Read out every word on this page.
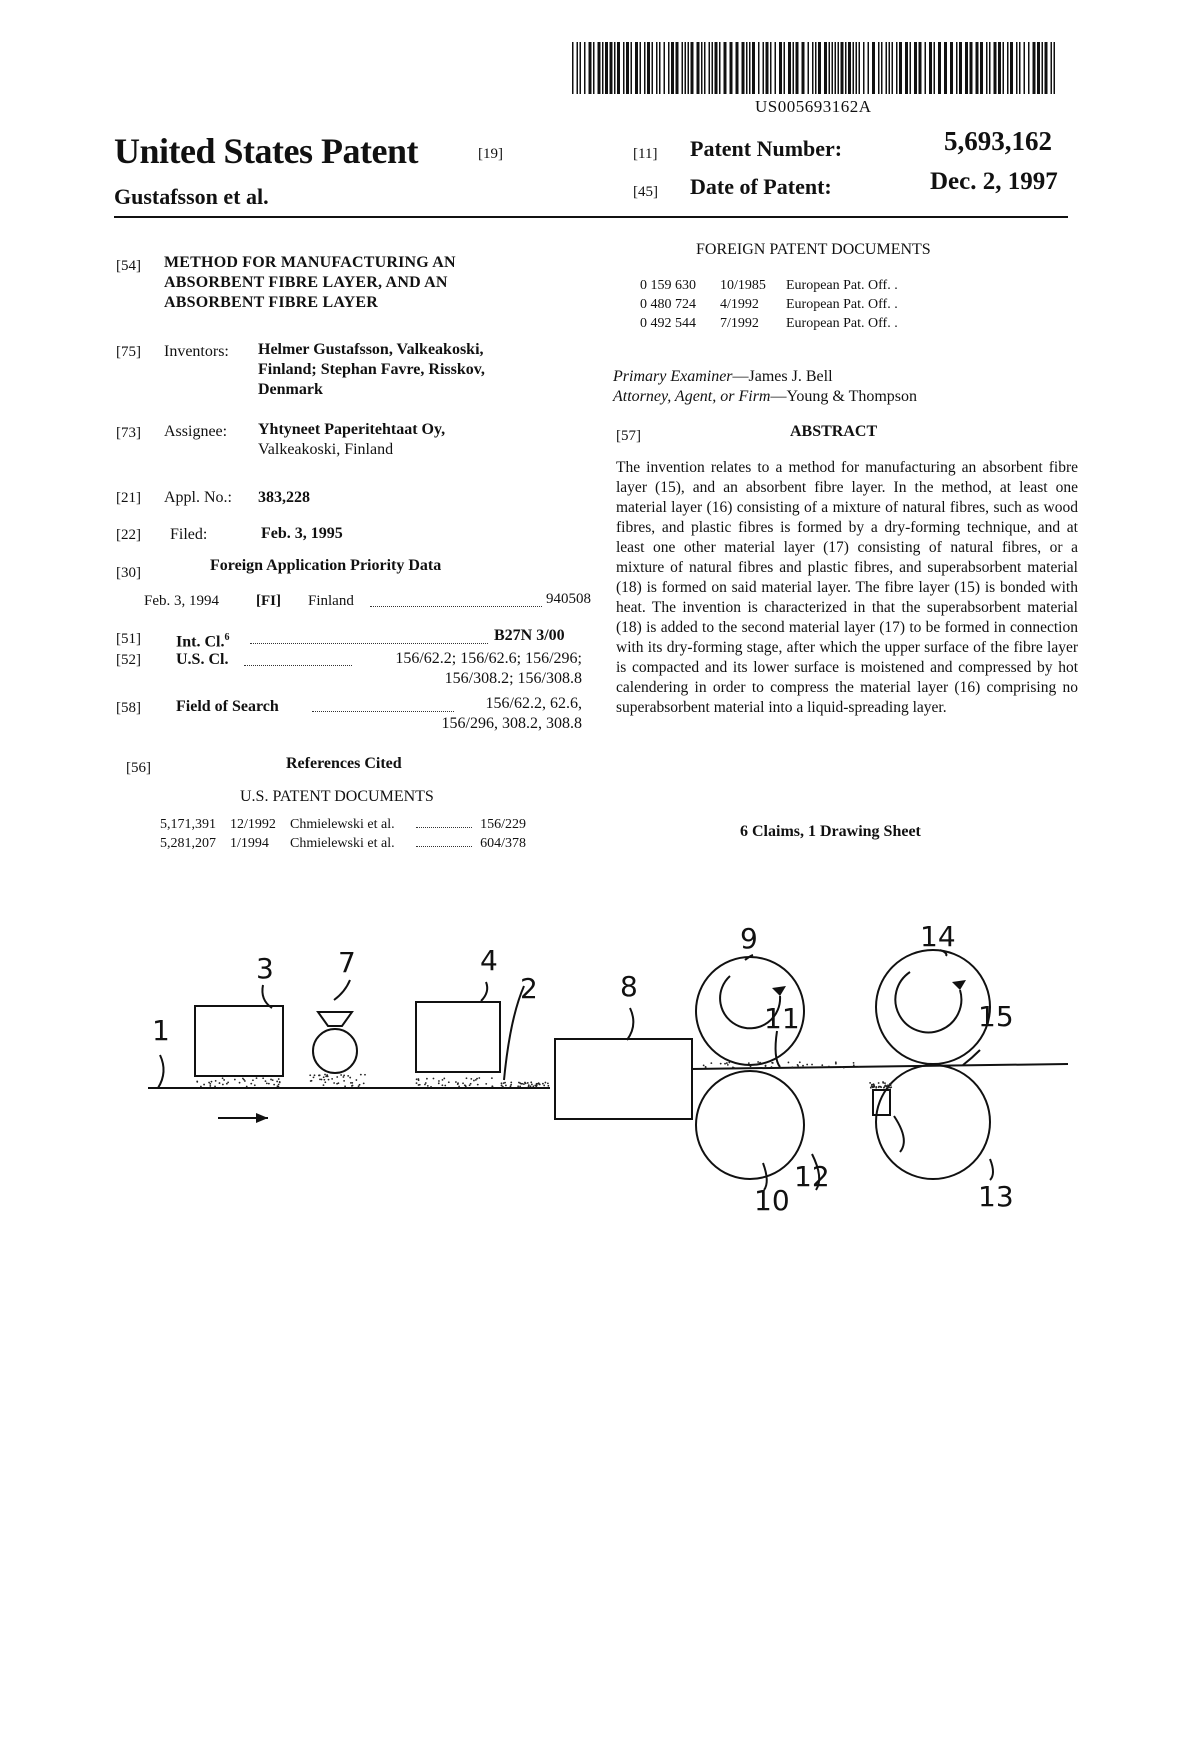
US005693162A
United States Patent	[19]
Gustafsson et al.
[11] Patent Number:	5,693,162
[45] Date of Patent:	Dec. 2, 1997
[54] METHOD FOR MANUFACTURING AN
ABSORBENT FIBRE LAYER, AND AN
ABSORBENT FIBRE LAYER
[75] Inventors: Helmer Gustafsson, Valkeakoski,
Finland; Stephan Favre, Risskov,
Denmark
[73] Assignee: Yhtyneet Paperitehtaat Oy,
Valkeakoski, Finland
[21] Appl. No.: 383,228
[22] Filed:	Feb. 3, 1995
[30]	Foreign Application Priority Data
Feb. 3, 1994 [FI] Finland	940508
[51] Int. Cl.$^6$	B27N 3/00
[52] U.S. Cl.	156/62.2; 156/62.6; 156/296;
156/308.2; 156/308.8
[58] Field of Search	156/62.2, 62.6,
156/296, 308.2, 308.8
[56]	References Cited
U.S. PATENT DOCUMENTS
5,171,391 12/1992 Chmielewski et al.	156/229
5,281,207 1/1994 Chmielewski et al.	604/378
FOREIGN PATENT DOCUMENTS
0 159 630 10/1985 European Pat. Off. .
0 480 724 4/1992 European Pat. Off. .
0 492 544 7/1992 European Pat. Off. .
Primary Examiner—James J. Bell
Attorney, Agent, or Firm—Young & Thompson
[57]	ABSTRACT
The invention relates to a method for manufacturing an absorbent fibre layer (15), and an absorbent fibre layer. In the method, at least one material layer (16) consisting of a mixture of natural fibres, such as wood fibres, and plastic fibres is formed by a dry-forming technique, and at least one other material layer (17) consisting of natural fibres, or a mixture of natural fibres and plastic fibres, and superabsorbent material (18) is formed on said material layer. The fibre layer (15) is bonded with heat. The invention is characterized in that the superabsorbent material (18) is added to the second material layer (17) to be formed in connection with its dry-forming stage, after which the upper surface of the fibre layer is compacted and its lower surface is moistened and compressed by hot calendering in order to compress the material layer (16) comprising no superabsorbent material into a liquid-spreading layer.
6 Claims, 1 Drawing Sheet
1
2
3	4
7
8
9
10
11
12
13
14
15
